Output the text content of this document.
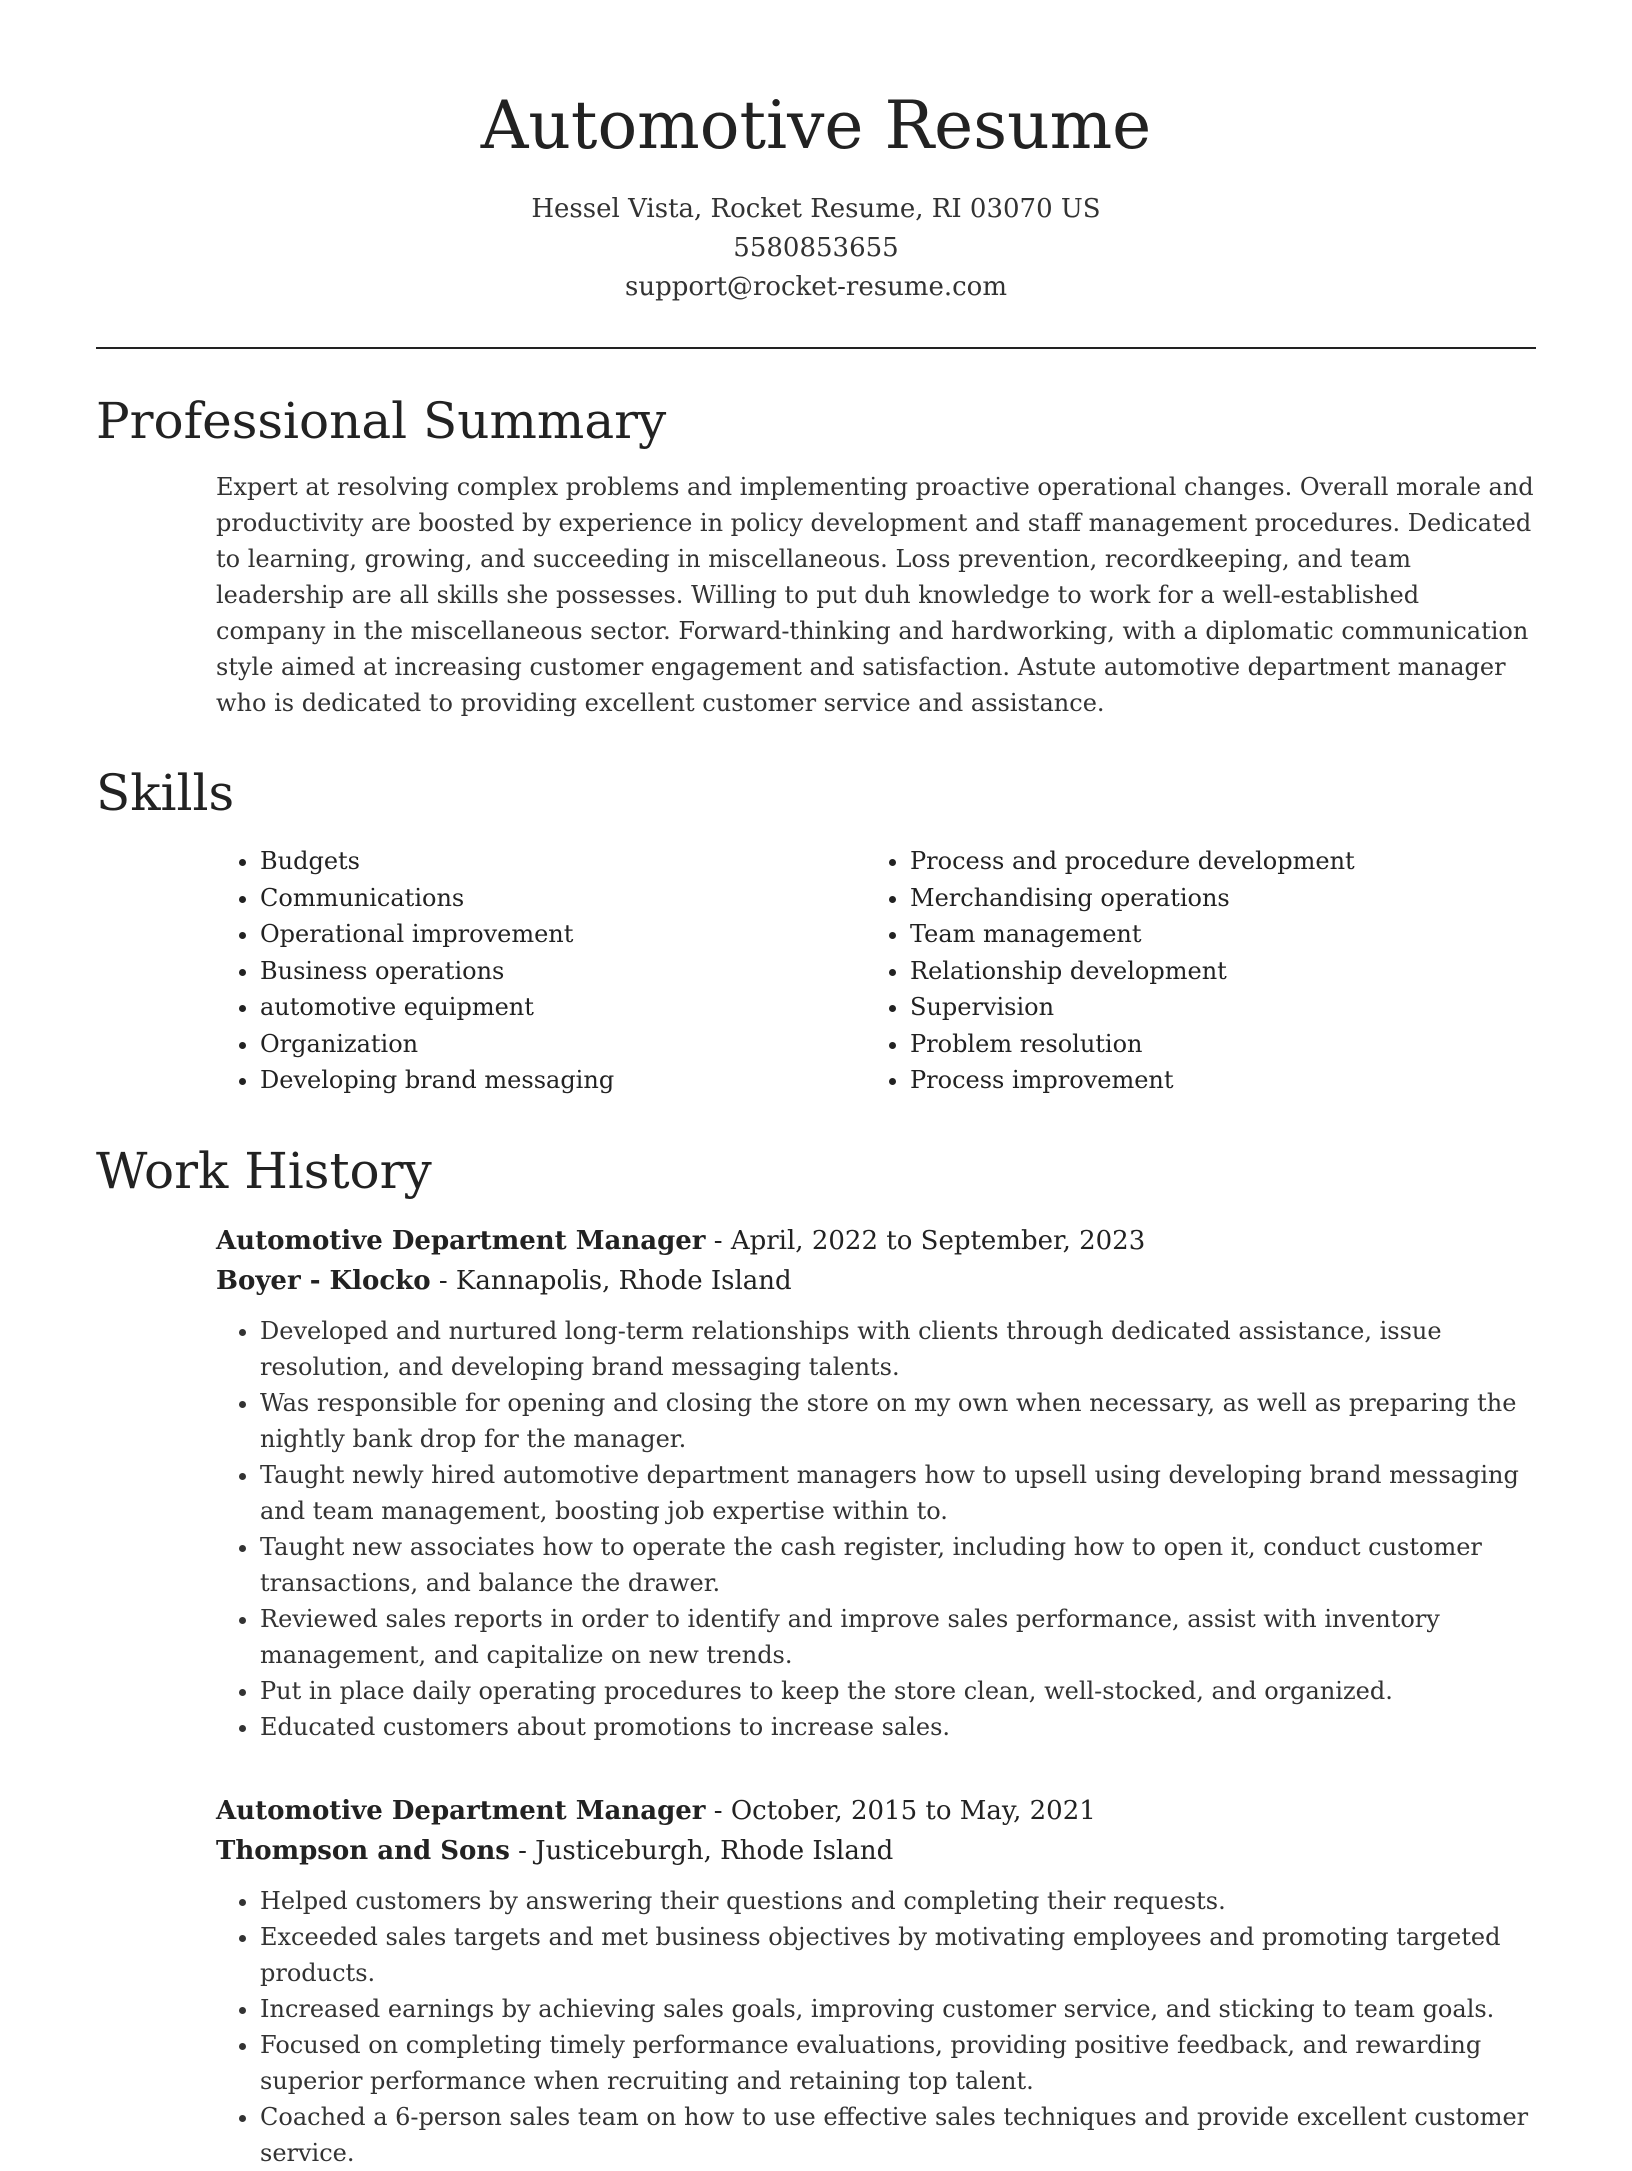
Automotive Resume
Hessel Vista, Rocket Resume, RI 03070 US
5580853655
support@rocket-resume.com
Professional Summary
Expert at resolving complex problems and implementing proactive operational changes. Overall morale and productivity are boosted by experience in policy development and staff management procedures. Dedicated to learning, growing, and succeeding in miscellaneous. Loss prevention, recordkeeping, and team leadership are all skills she possesses. Willing to put duh knowledge to work for a well-established company in the miscellaneous sector. Forward-thinking and hardworking, with a diplomatic communication style aimed at increasing customer engagement and satisfaction. Astute automotive department manager who is dedicated to providing excellent customer service and assistance.
Skills
• Budgets
• Communications
• Operational improvement
• Business operations
• automotive equipment
• Organization
• Developing brand messaging
• Process and procedure development
• Merchandising operations
• Team management
• Relationship development
• Supervision
• Problem resolution
• Process improvement
Work History
Automotive Department Manager - April, 2022 to September, 2023
Boyer - Klocko - Kannapolis, Rhode Island
• Developed and nurtured long-term relationships with clients through dedicated assistance, issue resolution, and developing brand messaging talents.
• Was responsible for opening and closing the store on my own when necessary, as well as preparing the nightly bank drop for the manager.
• Taught newly hired automotive department managers how to upsell using developing brand messaging and team management, boosting job expertise within to.
• Taught new associates how to operate the cash register, including how to open it, conduct customer transactions, and balance the drawer.
• Reviewed sales reports in order to identify and improve sales performance, assist with inventory management, and capitalize on new trends.
• Put in place daily operating procedures to keep the store clean, well-stocked, and organized.
• Educated customers about promotions to increase sales.
Automotive Department Manager - October, 2015 to May, 2021
Thompson and Sons - Justiceburgh, Rhode Island
• Helped customers by answering their questions and completing their requests.
• Exceeded sales targets and met business objectives by motivating employees and promoting targeted products.
• Increased earnings by achieving sales goals, improving customer service, and sticking to team goals.
• Focused on completing timely performance evaluations, providing positive feedback, and rewarding superior performance when recruiting and retaining top talent.
• Coached a 6-person sales team on how to use effective sales techniques and provide excellent customer service.
